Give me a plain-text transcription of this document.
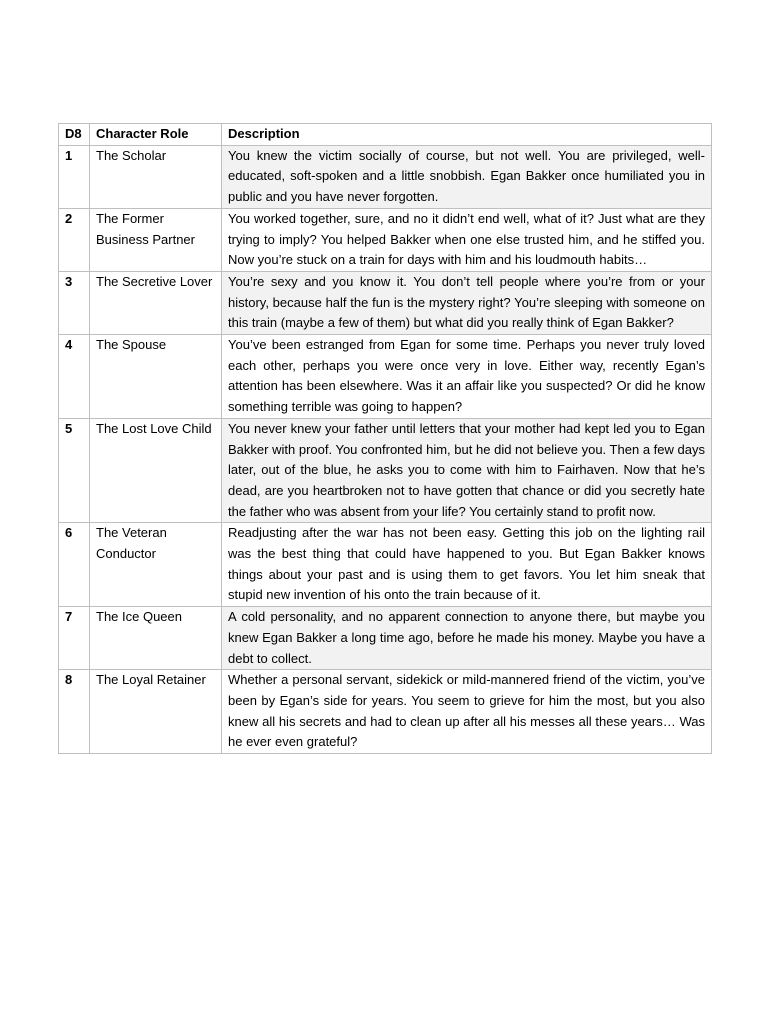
D8	Character Role	Description
1	The Scholar	You knew the victim socially of course, but not well. You are privileged, well-educated, soft-spoken and a little snobbish. Egan Bakker once humiliated you in public and you have never forgotten.
2	The Former Business Partner	You worked together, sure, and no it didn’t end well, what of it? Just what are they trying to imply? You helped Bakker when one else trusted him, and he stiffed you. Now you’re stuck on a train for days with him and his loudmouth habits…
3	The Secretive Lover	You’re sexy and you know it. You don’t tell people where you’re from or your history, because half the fun is the mystery right? You’re sleeping with someone on this train (maybe a few of them) but what did you really think of Egan Bakker?
4	The Spouse	You’ve been estranged from Egan for some time. Perhaps you never truly loved each other, perhaps you were once very in love. Either way, recently Egan’s attention has been elsewhere. Was it an affair like you suspected? Or did he know something terrible was going to happen?
5	The Lost Love Child	You never knew your father until letters that your mother had kept led you to Egan Bakker with proof. You confronted him, but he did not believe you. Then a few days later, out of the blue, he asks you to come with him to Fairhaven. Now that he’s dead, are you heartbroken not to have gotten that chance or did you secretly hate the father who was absent from your life? You certainly stand to profit now.
6	The Veteran Conductor	Readjusting after the war has not been easy. Getting this job on the lighting rail was the best thing that could have happened to you. But Egan Bakker knows things about your past and is using them to get favors. You let him sneak that stupid new invention of his onto the train because of it.
7	The Ice Queen	A cold personality, and no apparent connection to anyone there, but maybe you knew Egan Bakker a long time ago, before he made his money. Maybe you have a debt to collect.
8	The Loyal Retainer	Whether a personal servant, sidekick or mild-mannered friend of the victim, you’ve been by Egan’s side for years. You seem to grieve for him the most, but you also knew all his secrets and had to clean up after all his messes all these years… Was he ever even grateful?
